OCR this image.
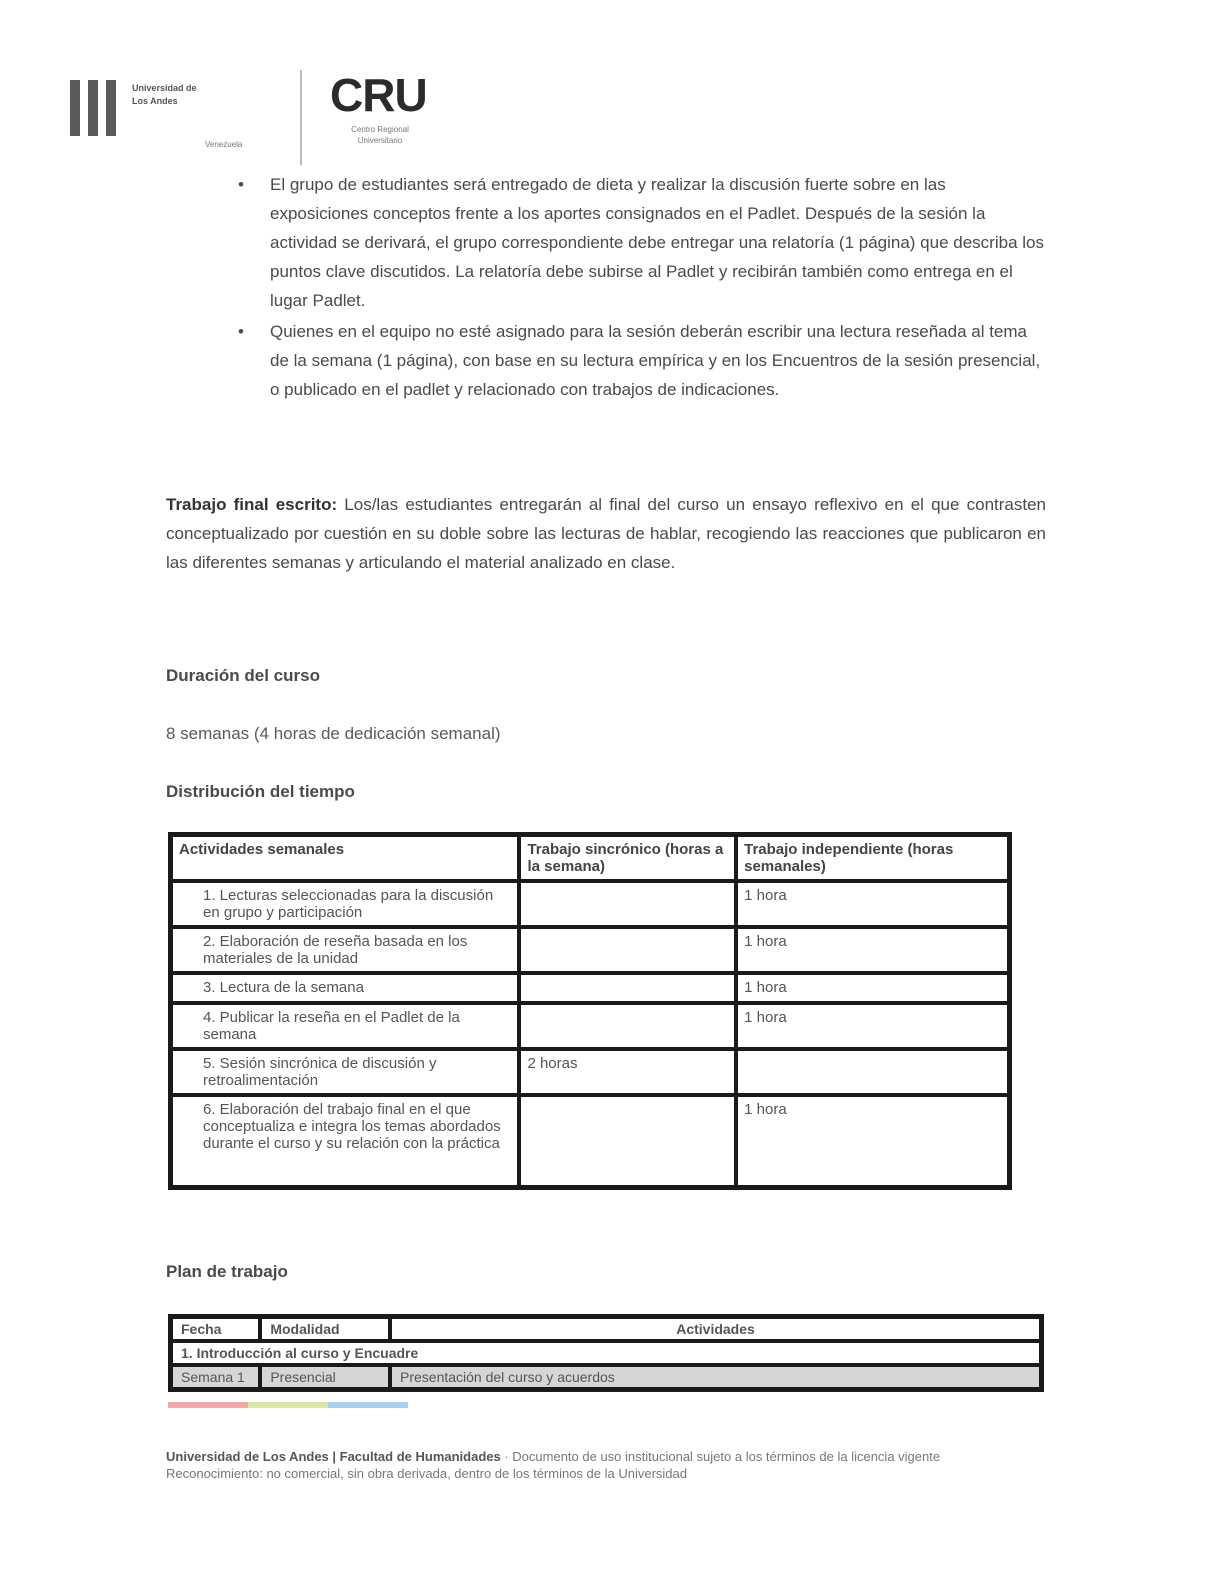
Universidad de
Los Andes
Venezuela
CRU
Centro Regional
Universitario
• El grupo de estudiantes será entregado de dieta y realizar la discusión fuerte sobre en las exposiciones conceptos frente a los aportes consignados en el Padlet. Después de la sesión la actividad se derivará, el grupo correspondiente debe entregar una relatoría (1 página) que describa los puntos clave discutidos. La relatoría debe subirse al Padlet y recibirán también como entrega en el lugar Padlet.
• Quienes en el equipo no esté asignado para la sesión deberán escribir una lectura reseñada al tema de la semana (1 página), con base en su lectura empírica y en los Encuentros de la sesión presencial, o publicado en el padlet y relacionado con trabajos de indicaciones.
Trabajo final escrito: Los/las estudiantes entregarán al final del curso un ensayo reflexivo en el que contrasten conceptualizado por cuestión en su doble sobre las lecturas de hablar, recogiendo las reacciones que publicaron en las diferentes semanas y articulando el material analizado en clase.
Duración del curso
8 semanas (4 horas de dedicación semanal)
Distribución del tiempo
Actividades semanales	Trabajo sincrónico (horas a la semana)	Trabajo independiente (horas semanales)
1. Lecturas seleccionadas para la discusión en grupo y participación		1 hora
2. Elaboración de reseña basada en los materiales de la unidad		1 hora
3. Lectura de la semana		1 hora
4. Publicar la reseña en el Padlet de la semana		1 hora
5. Sesión sincrónica de discusión y retroalimentación	2 horas	
6. Elaboración del trabajo final en el que conceptualiza e integra los temas abordados durante el curso y su relación con la práctica		1 hora
Plan de trabajo
Fecha	Modalidad	Actividades
1. Introducción al curso y Encuadre		
Semana 1	Presencial	Presentación del curso y acuerdos
Universidad de Los Andes | Facultad de Humanidades · Documento de uso institucional sujeto a los términos de la licencia vigente
Reconocimiento: no comercial, sin obra derivada, dentro de los términos de la Universidad
